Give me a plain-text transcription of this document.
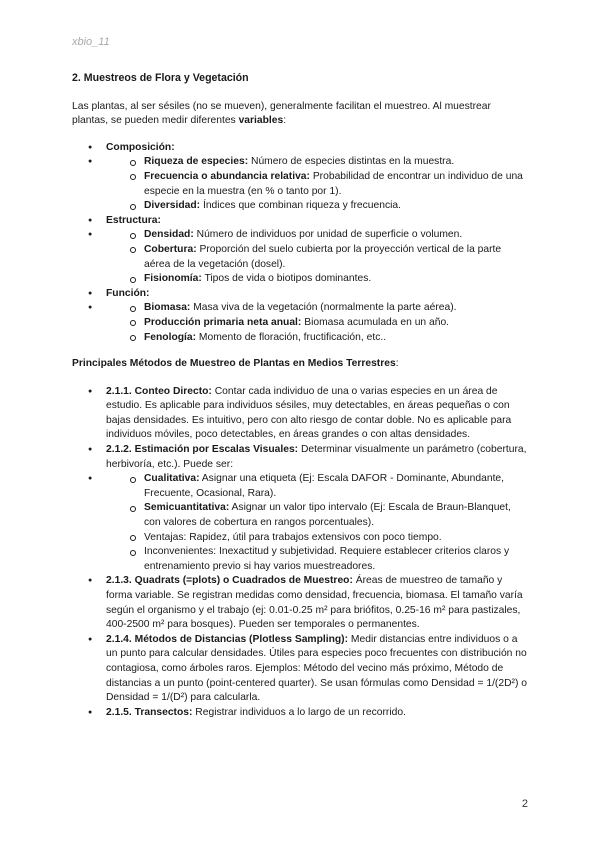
xbio_11
2. Muestreos de Flora y Vegetación

Las plantas, al ser sésiles (no se mueven), generalmente facilitan el muestreo. Al muestrear plantas, se pueden medir diferentes variables:

● Composición:
● Riqueza de especies: Número de especies distintas en la muestra.
Frecuencia o abundancia relativa: Probabilidad de encontrar un individuo de una especie en la muestra (en % o tanto por 1).
Diversidad: Índices que combinan riqueza y frecuencia.
● Estructura:
● Densidad: Número de individuos por unidad de superficie o volumen.
Cobertura: Proporción del suelo cubierta por la proyección vertical de la parte aérea de la vegetación (dosel).
Fisionomía: Tipos de vida o biotipos dominantes.
● Función:
● Biomasa: Masa viva de la vegetación (normalmente la parte aérea).
Producción primaria neta anual: Biomasa acumulada en un año.
Fenología: Momento de floración, fructificación, etc..
Principales Métodos de Muestreo de Plantas en Medios Terrestres:
● 2.1.1. Conteo Directo: Contar cada individuo de una o varias especies en un área de estudio. Es aplicable para individuos sésiles, muy detectables, en áreas pequeñas o con bajas densidades. Es intuitivo, pero con alto riesgo de contar doble. No es aplicable para individuos móviles, poco detectables, en áreas grandes o con altas densidades.
● 2.1.2. Estimación por Escalas Visuales: Determinar visualmente un parámetro (cobertura, herbivoría, etc.). Puede ser:
● Cualitativa: Asignar una etiqueta (Ej: Escala DAFOR - Dominante, Abundante, Frecuente, Ocasional, Rara).
Semicuantitativa: Asignar un valor tipo intervalo (Ej: Escala de Braun-Blanquet, con valores de cobertura en rangos porcentuales).
Ventajas: Rapidez, útil para trabajos extensivos con poco tiempo.
Inconvenientes: Inexactitud y subjetividad. Requiere establecer criterios claros y entrenamiento previo si hay varios muestreadores.
● 2.1.3. Quadrats (=plots) o Cuadrados de Muestreo: Áreas de muestreo de tamaño y forma variable. Se registran medidas como densidad, frecuencia, biomasa. El tamaño varía según el organismo y el trabajo (ej: 0.01-0.25 m² para briófitos, 0.25-16 m² para pastizales, 400-2500 m² para bosques). Pueden ser temporales o permanentes.
● 2.1.4. Métodos de Distancias (Plotless Sampling): Medir distancias entre individuos o a un punto para calcular densidades. Útiles para especies poco frecuentes con distribución no contagiosa, como árboles raros. Ejemplos: Método del vecino más próximo, Método de distancias a un punto (point-centered quarter). Se usan fórmulas como Densidad = 1/(2D²) o Densidad = 1/(D²) para calcularla.
● 2.1.5. Transectos: Registrar individuos a lo largo de un recorrido.
2
